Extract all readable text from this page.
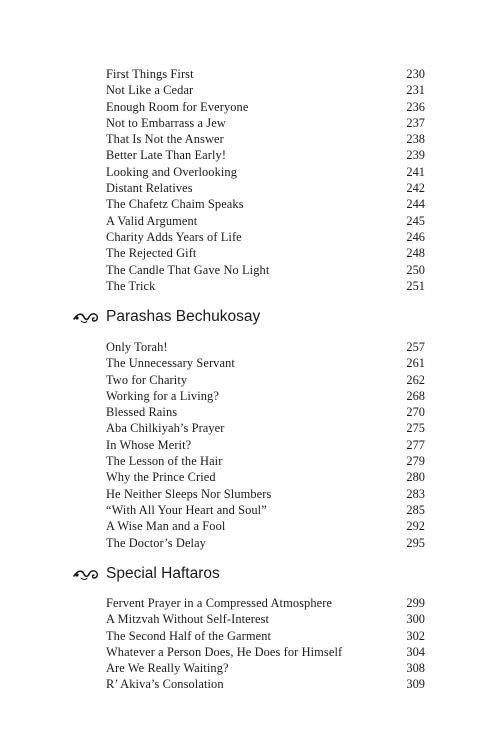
First Things First	230
Not Like a Cedar	231
Enough Room for Everyone	236
Not to Embarrass a Jew	237
That Is Not the Answer	238
Better Late Than Early!	239
Looking and Overlooking	241
Distant Relatives	242
The Chafetz Chaim Speaks	244
A Valid Argument	245
Charity Adds Years of Life	246
The Rejected Gift	248
The Candle That Gave No Light	250
The Trick	251
Parashas Bechukosay
Only Torah!	257
The Unnecessary Servant	261
Two for Charity	262
Working for a Living?	268
Blessed Rains	270
Aba Chilkiyah’s Prayer	275
In Whose Merit?	277
The Lesson of the Hair	279
Why the Prince Cried	280
He Neither Sleeps Nor Slumbers	283
“With All Your Heart and Soul”	285
A Wise Man and a Fool	292
The Doctor’s Delay	295
Special Haftaros
Fervent Prayer in a Compressed Atmosphere	299
A Mitzvah Without Self-Interest	300
The Second Half of the Garment	302
Whatever a Person Does, He Does for Himself	304
Are We Really Waiting?	308
R’ Akiva’s Consolation	309
